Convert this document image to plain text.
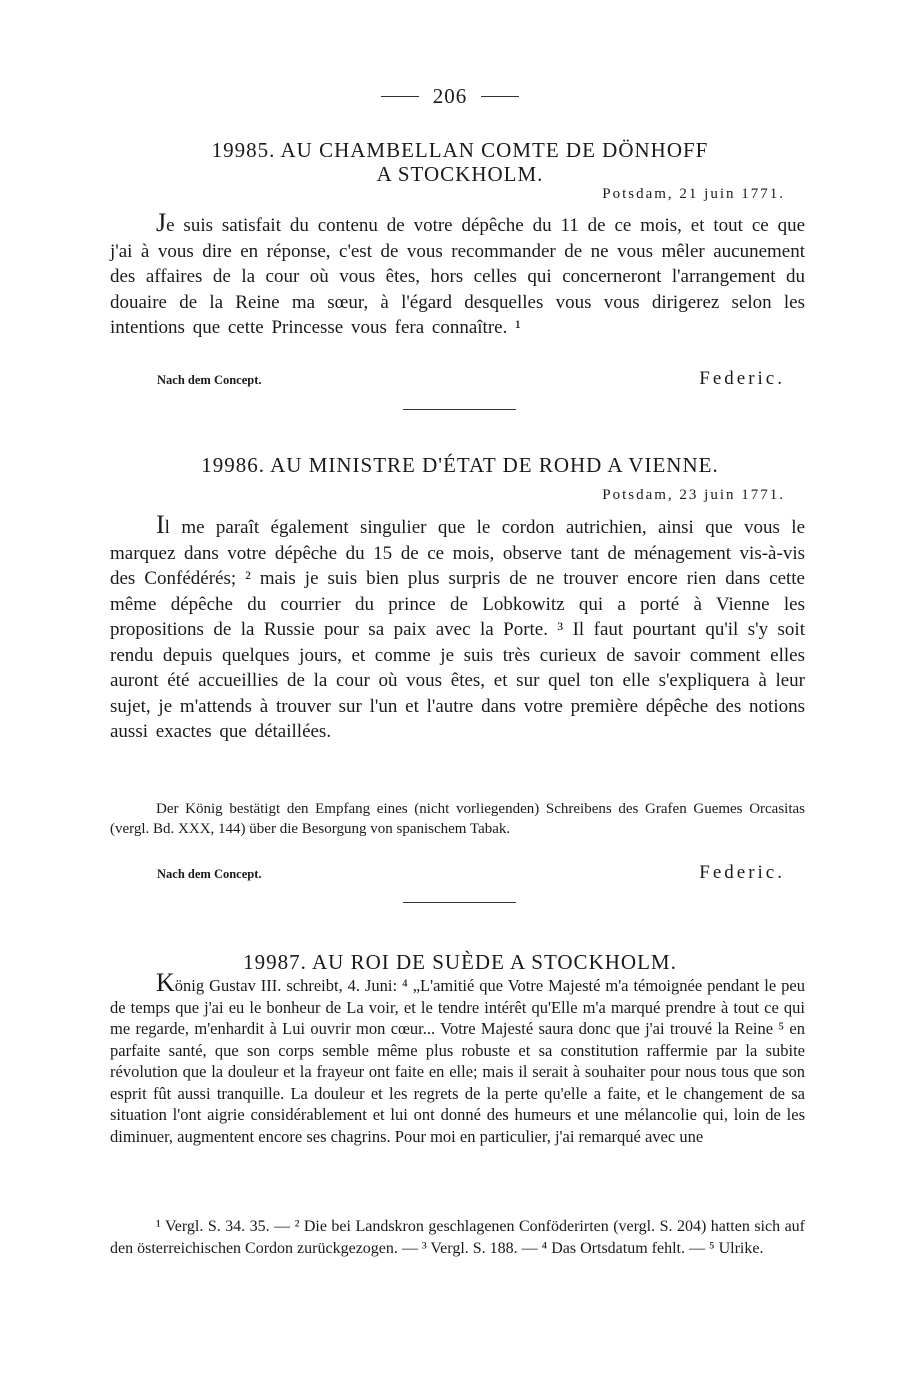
206
19985. AU CHAMBELLAN COMTE DE DÖNHOFF
A STOCKHOLM.
Potsdam, 21 juin 1771.

Je suis satisfait du contenu de votre dépêche du 11 de ce mois, et tout ce que j'ai à vous dire en réponse, c'est de vous recommander de ne vous mêler aucunement des affaires de la cour où vous êtes, hors celles qui concerneront l'arrangement du douaire de la Reine ma sœur, à l'égard desquelles vous vous dirigerez selon les intentions que cette Princesse vous fera connaître. ¹

Nach dem Concept.	Federic.
19986. AU MINISTRE D'ÉTAT DE ROHD A VIENNE.
Potsdam, 23 juin 1771.

Il me paraît également singulier que le cordon autrichien, ainsi que vous le marquez dans votre dépêche du 15 de ce mois, observe tant de ménagement vis-à-vis des Confédérés; ² mais je suis bien plus surpris de ne trouver encore rien dans cette même dépêche du courrier du prince de Lobkowitz qui a porté à Vienne les propositions de la Russie pour sa paix avec la Porte. ³ Il faut pourtant qu'il s'y soit rendu depuis quelques jours, et comme je suis très curieux de savoir comment elles auront été accueillies de la cour où vous êtes, et sur quel ton elle s'expliquera à leur sujet, je m'attends à trouver sur l'un et l'autre dans votre première dépêche des notions aussi exactes que détaillées.

Der König bestätigt den Empfang eines (nicht vorliegenden) Schreibens des Grafen Guemes Orcasitas (vergl. Bd. XXX, 144) über die Besorgung von spanischem Tabak.

Nach dem Concept.	Federic.
19987. AU ROI DE SUÈDE A STOCKHOLM.

König Gustav III. schreibt, 4. Juni: ⁴ „L'amitié que Votre Majesté m'a témoignée pendant le peu de temps que j'ai eu le bonheur de La voir, et le tendre intérêt qu'Elle m'a marqué prendre à tout ce qui me regarde, m'enhardit à Lui ouvrir mon cœur... Votre Majesté saura donc que j'ai trouvé la Reine ⁵ en parfaite santé, que son corps semble même plus robuste et sa constitution raffermie par la subite révolution que la douleur et la frayeur ont faite en elle; mais il serait à souhaiter pour nous tous que son esprit fût aussi tranquille. La douleur et les regrets de la perte qu'elle a faite, et le changement de sa situation l'ont aigrie considérablement et lui ont donné des humeurs et une mélancolie qui, loin de les diminuer, augmentent encore ses chagrins. Pour moi en particulier, j'ai remarqué avec une

¹ Vergl. S. 34. 35. — ² Die bei Landskron geschlagenen Conföderirten (vergl. S. 204) hatten sich auf den österreichischen Cordon zurückgezogen. — ³ Vergl. S. 188. — ⁴ Das Ortsdatum fehlt. — ⁵ Ulrike.
